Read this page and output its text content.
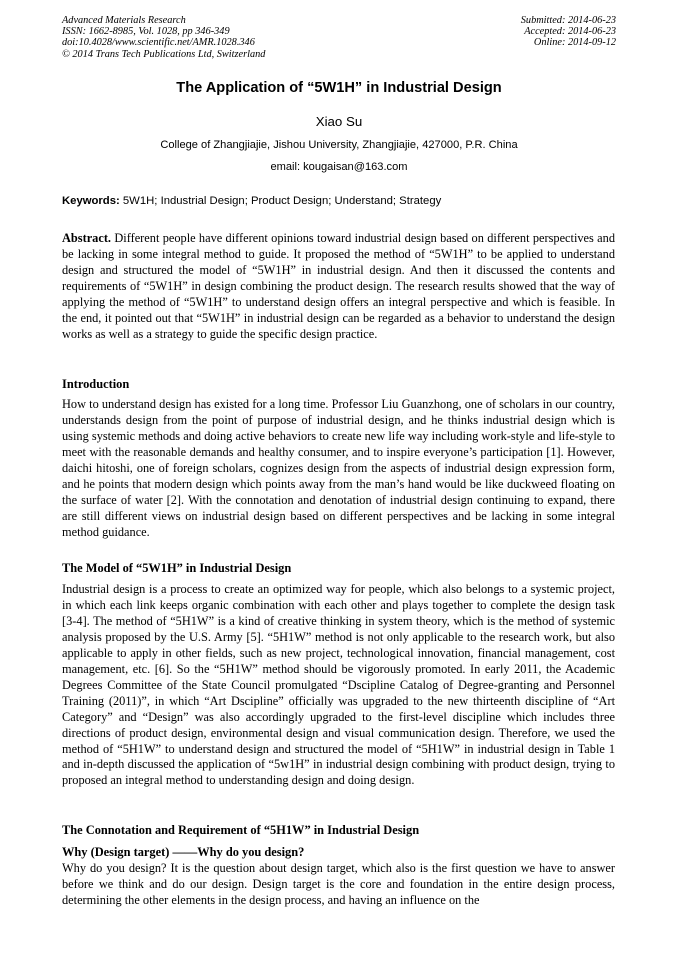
Advanced Materials Research
ISSN: 1662-8985, Vol. 1028, pp 346-349
doi:10.4028/www.scientific.net/AMR.1028.346
© 2014 Trans Tech Publications Ltd, Switzerland
Submitted: 2014-06-23
Accepted: 2014-06-23
Online: 2014-09-12
The Application of “5W1H” in Industrial Design
Xiao Su
College of Zhangjiajie, Jishou University, Zhangjiajie, 427000, P.R. China
email: kougaisan@163.com
Keywords: 5W1H; Industrial Design; Product Design; Understand; Strategy
Abstract. Different people have different opinions toward industrial design based on different perspectives and be lacking in some integral method to guide. It proposed the method of “5W1H” to be applied to understand design and structured the model of “5W1H” in industrial design. And then it discussed the contents and requirements of “5W1H” in design combining the product design. The research results showed that the way of applying the method of “5W1H” to understand design offers an integral perspective and which is feasible. In the end, it pointed out that “5W1H” in industrial design can be regarded as a behavior to understand the design works as well as a strategy to guide the specific design practice.
Introduction
How to understand design has existed for a long time. Professor Liu Guanzhong, one of scholars in our country, understands design from the point of purpose of industrial design, and he thinks industrial design which is using systemic methods and doing active behaviors to create new life way including work-style and life-style to meet with the reasonable demands and healthy consumer, and to inspire everyone’s participation [1]. However, daichi hitoshi, one of foreign scholars, cognizes design from the aspects of industrial design expression form, and he points that modern design which points away from the man’s hand would be like duckweed floating on the surface of water [2]. With the connotation and denotation of industrial design continuing to expand, there are still different views on industrial design based on different perspectives and be lacking in some integral method guidance.
The Model of “5W1H” in Industrial Design
Industrial design is a process to create an optimized way for people, which also belongs to a systemic project, in which each link keeps organic combination with each other and plays together to complete the design task [3-4]. The method of “5H1W” is a kind of creative thinking in system theory, which is the method of systemic analysis proposed by the U.S. Army [5]. “5H1W” method is not only applicable to the research work, but also applicable to apply in other fields, such as new project, technological innovation, financial management, cost management, etc. [6]. So the “5H1W” method should be vigorously promoted. In early 2011, the Academic Degrees Committee of the State Council promulgated “Dscipline Catalog of Degree-granting and Personnel Training (2011)”, in which “Art Dscipline” officially was upgraded to the new thirteenth discipline of “Art Category” and “Design” was also accordingly upgraded to the first-level discipline which includes three directions of product design, environmental design and visual communication design. Therefore, we used the method of “5H1W” to understand design and structured the model of “5H1W” in industrial design in Table 1 and in-depth discussed the application of “5w1H” in industrial design combining with product design, trying to proposed an integral method to understanding design and doing design.
The Connotation and Requirement of “5H1W” in Industrial Design
Why (Design target) ——Why do you design?
Why do you design? It is the question about design target, which also is the first question we have to answer before we think and do our design. Design target is the core and foundation in the entire design process, determining the other elements in the design process, and having an influence on the
